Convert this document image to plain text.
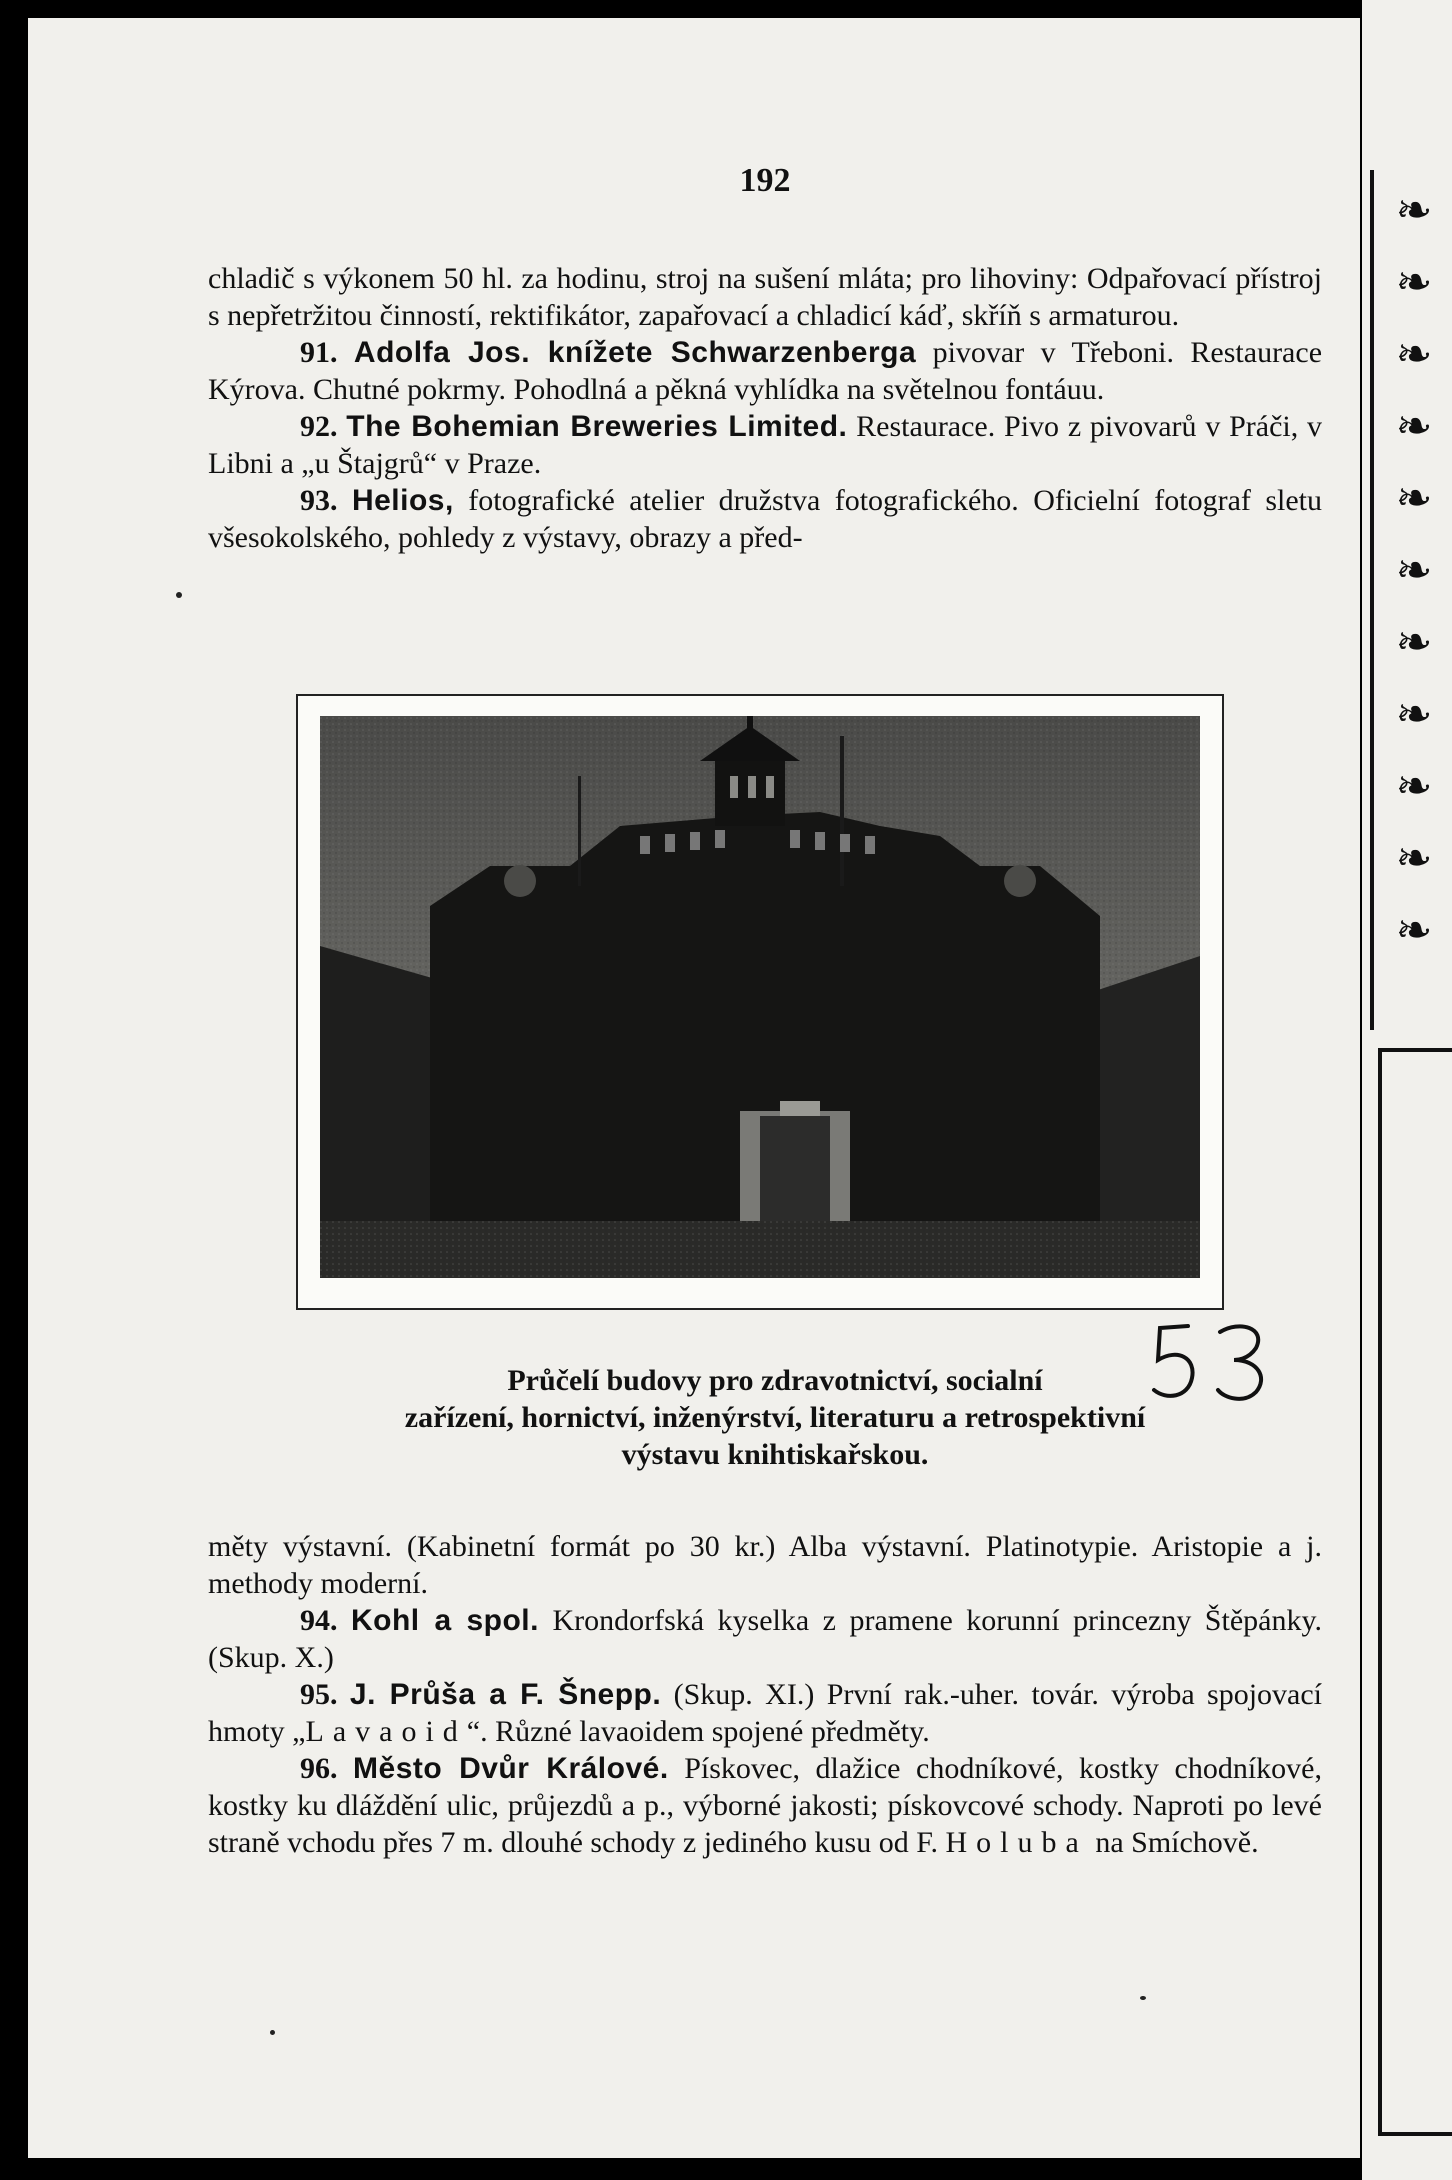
❧
❧
❧
❧
❧
❧
❧
❧
❧
❧
❧
192

chladič s výkonem 50 hl. za hodinu, stroj na sušení mláta; pro lihoviny: Odpařovací přístroj s nepřetržitou činností, rektifikátor, zapařovací a chladicí káď, skříň s armaturou.

91. Adolfa Jos. knížete Schwarzenberga pivovar v Třeboni. Restaurace Kýrova. Chutné pokrmy. Pohodlná a pěkná vyhlídka na světelnou fontáuu.

92. The Bohemian Breweries Limited. Restaurace. Pivo z pivovarů v Práči, v Libni a „u Štajgrů“ v Praze.

93. Helios, fotografické atelier družstva fotografického. Oficielní fotograf sletu všesokolského, pohledy z výstavy, obrazy a před-

Průčelí budovy pro zdravotnictví, socialní
zařízení, hornictví, inženýrství, literaturu a retrospektivní
výstavu knihtiskařskou.

měty výstavní. (Kabinetní formát po 30 kr.) Alba výstavní. Platinotypie. Aristopie a j. methody moderní.

94. Kohl a spol. Krondorfská kyselka z pramene korunní princezny Štěpánky. (Skup. X.)

95. J. Průša a F. Šnepp. (Skup. XI.) První rak.-uher. továr. výroba spojovací hmoty „Lavaoid“. Různé lavaoidem spojené předměty.

96. Město Dvůr Králové. Pískovec, dlažice chodníkové, kostky chodníkové, kostky ku dláždění ulic, průjezdů a p., výborné jakosti; pískovcové schody. Naproti po levé straně vchodu přes 7 m. dlouhé schody z jediného kusu od F. Holuba na Smíchově.
